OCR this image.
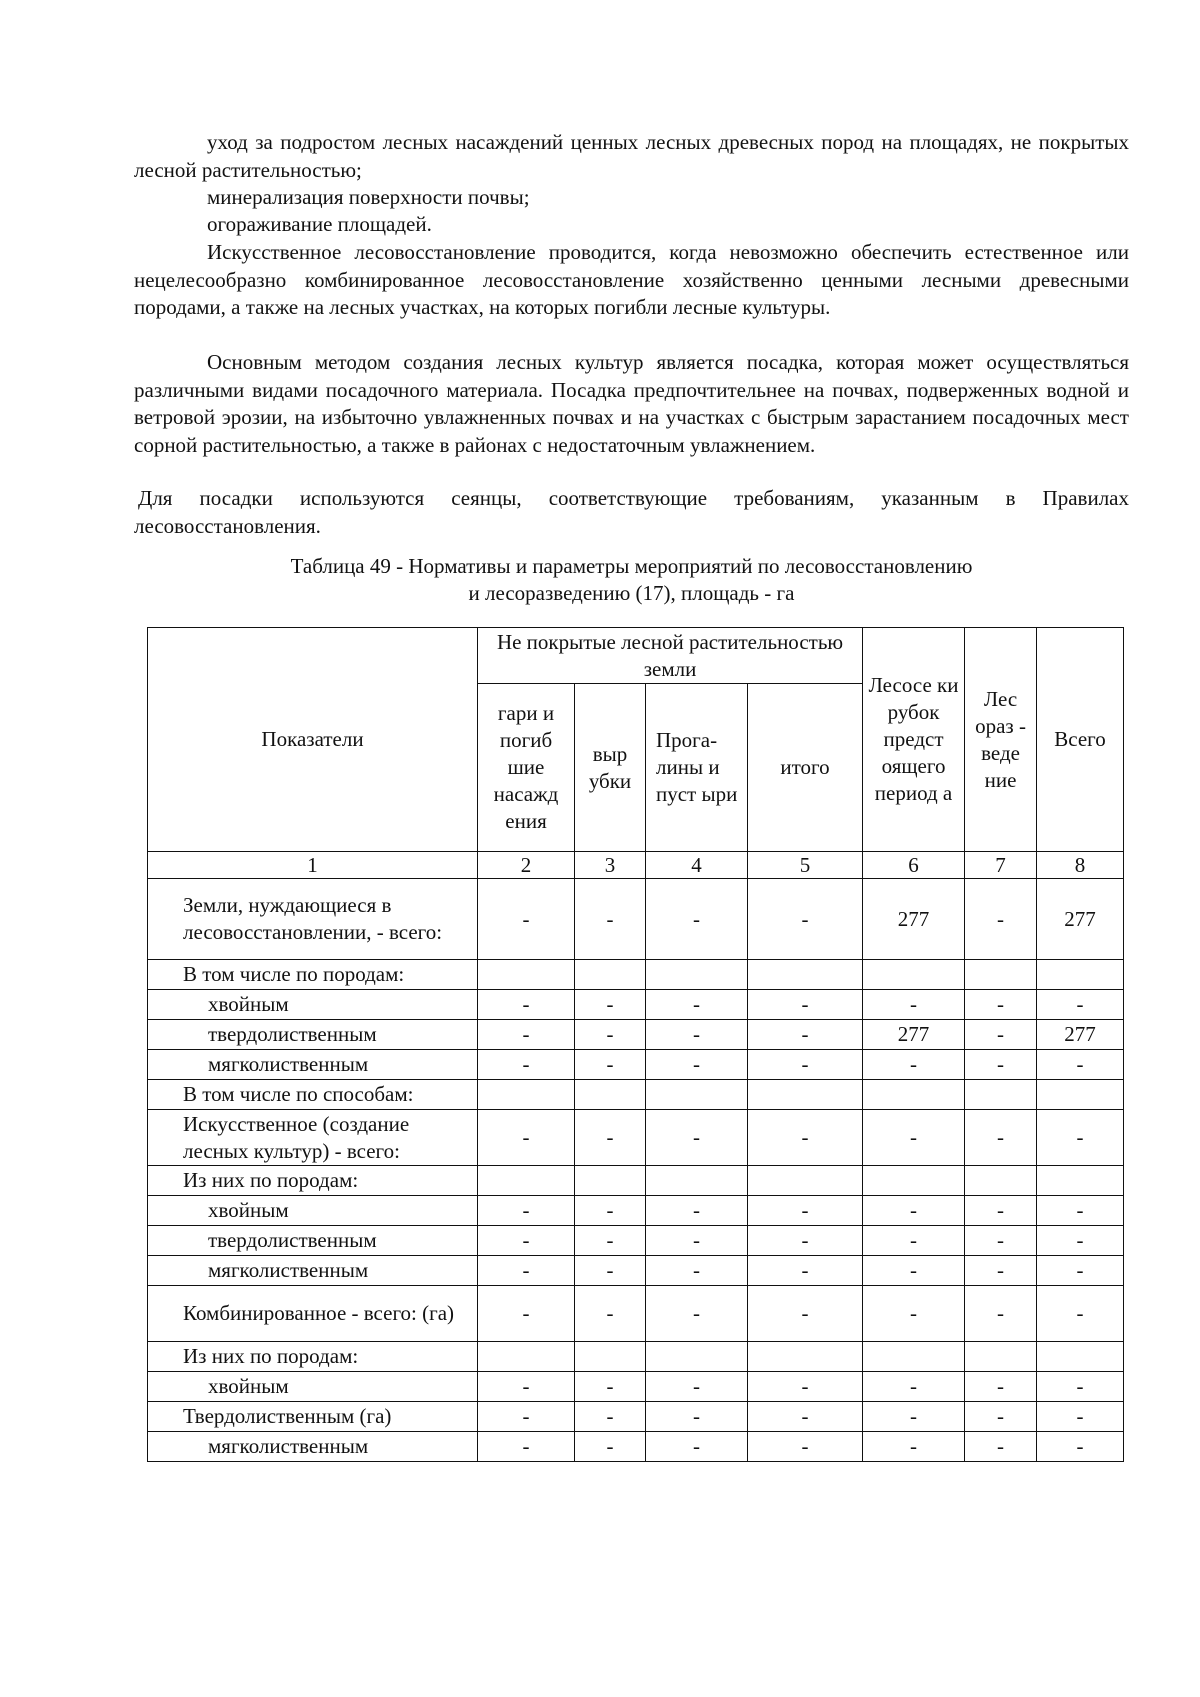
уход за подростом лесных насаждений ценных лесных древесных пород на площадях, не покрытых лесной растительностью;

минерализация поверхности почвы;

огораживание площадей.

Искусственное лесовосстановление проводится, когда невозможно обеспечить естественное или нецелесообразно комбинированное лесовосстановление хозяйственно ценными лесными древесными породами, а также на лесных участках, на которых погибли лесные культуры.

Основным методом создания лесных культур является посадка, которая может осуществляться различными видами посадочного материала. Посадка предпочтительнее на почвах, подверженных водной и ветровой эрозии, на избыточно увлажненных почвах и на участках с быстрым зарастанием посадочных мест сорной растительностью, а также в районах с недостаточным увлажнением.

Для посадки используются сеянцы, соответствующие требованиям, указанным в Правилах лесовосстановления.

Таблица 49 - Нормативы и параметры мероприятий по лесовосстановлению

и лесоразведению (17), площадь - га

Показатели	Не покрытые лесной растительностью земли				Лесосе ки рубок предст оящего период а	Лес ораз - веде ние	Всего
	гари и погиб шие насажд ения	выр убки	Прога-лины и пуст ыри	итого			
1	2	3	4	5	6	7	8
Земли, нуждающиеся в лесовосстановлении, - всего:	-	-	-	-	277	-	277
В том числе по породам:							
хвойным	-	-	-	-	-	-	-
твердолиственным	-	-	-	-	277	-	277
мягколиственным	-	-	-	-	-	-	-
В том числе по способам:							
Искусственное (создание лесных культур) - всего:	-	-	-	-	-	-	-
Из них по породам:							
хвойным	-	-	-	-	-	-	-
твердолиственным	-	-	-	-	-	-	-
мягколиственным	-	-	-	-	-	-	-
Комбинированное - всего: (га)	-	-	-	-	-	-	-
Из них по породам:							
хвойным	-	-	-	-	-	-	-
Твердолиственным (га)	-	-	-	-	-	-	-
мягколиственным	-	-	-	-	-	-	-
